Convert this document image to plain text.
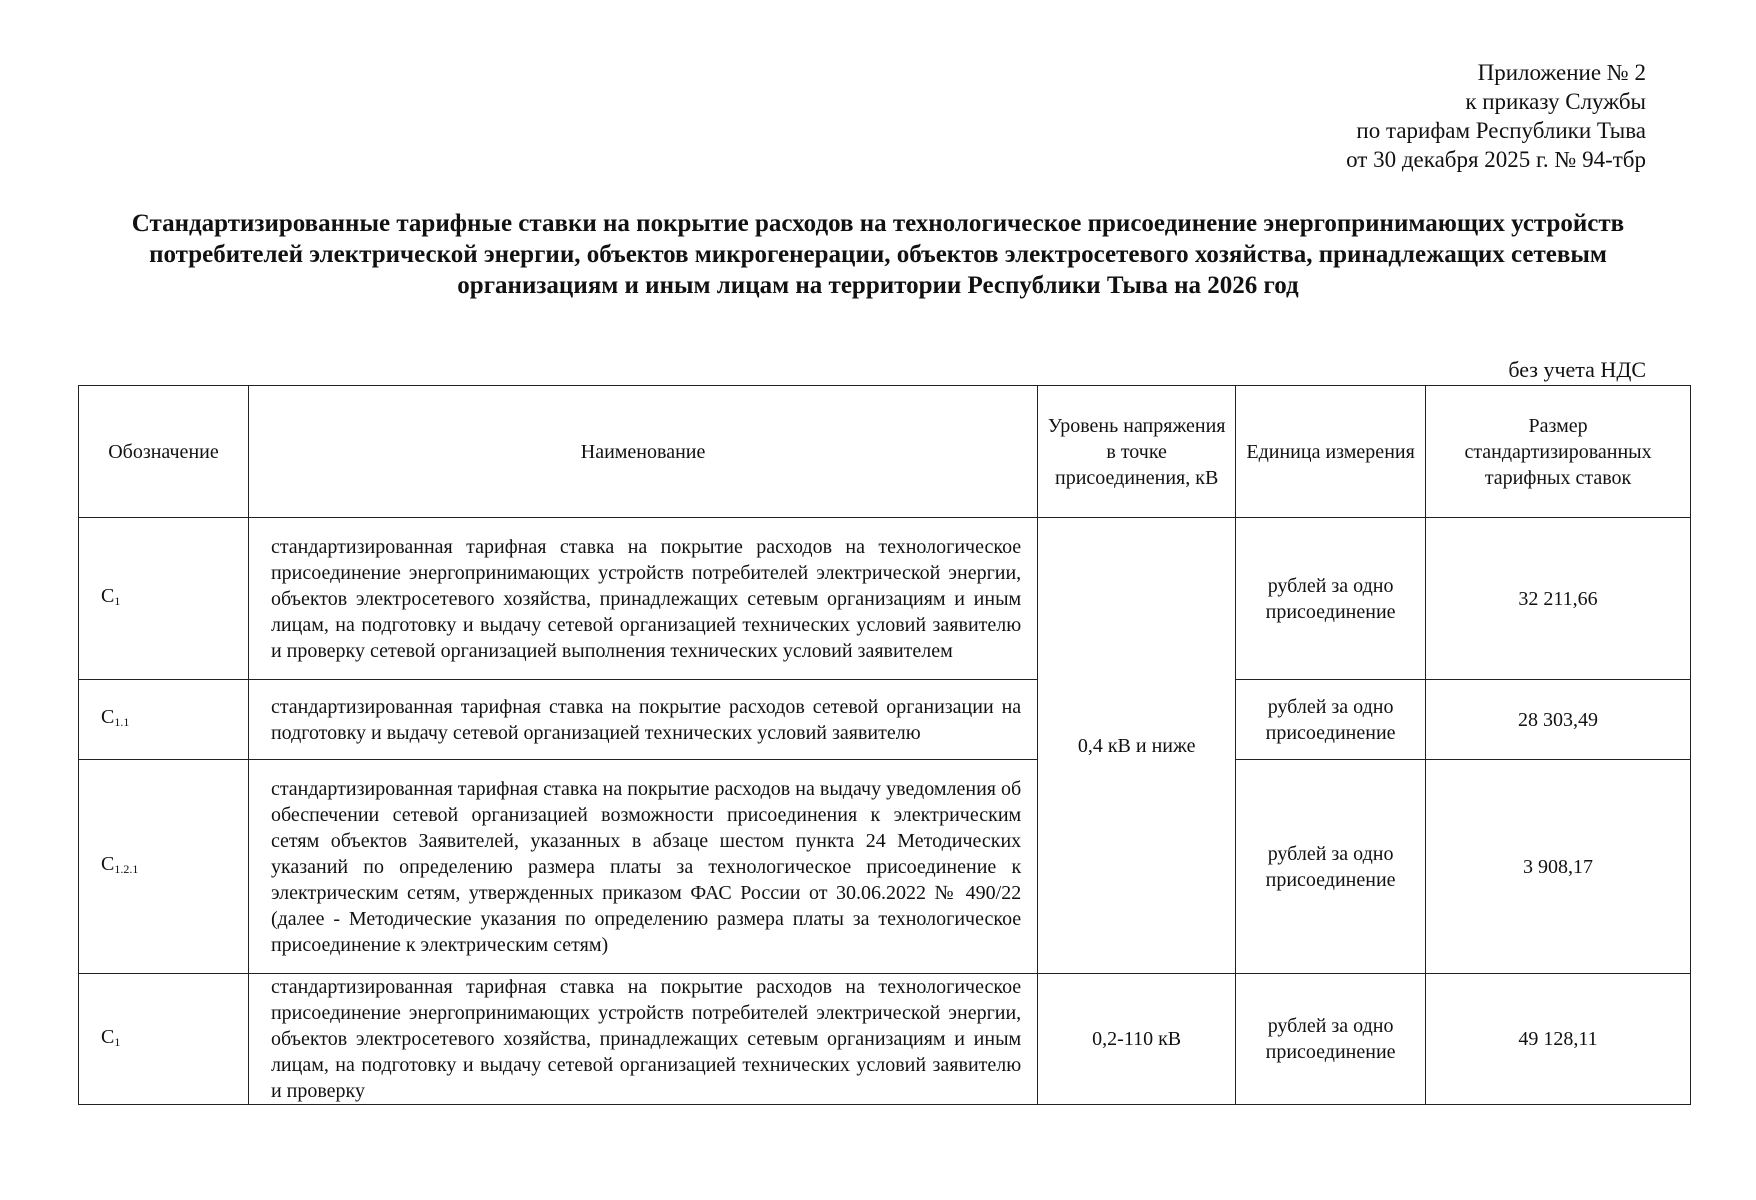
Приложение № 2
к приказу Службы
по тарифам Республики Тыва
от 30 декабря 2025 г. № 94-тбр
Стандартизированные тарифные ставки на покрытие расходов на технологическое присоединение энергопринимающих устройств потребителей электрической энергии, объектов микрогенерации, объектов электросетевого хозяйства, принадлежащих сетевым организациям и иным лицам на территории Республики Тыва на 2026 год
без учета НДС
Обозначение	Наименование	Уровень напряжения в точке присоединения, кВ	Единица измерения	Размер стандартизированных тарифных ставок
$C_1$	стандартизированная тарифная ставка на покрытие расходов на технологическое присоединение энергопринимающих устройств потребителей электрической энергии, объектов электросетевого хозяйства, принадлежащих сетевым организациям и иным лицам, на подготовку и выдачу сетевой организацией технических условий заявителю и проверку сетевой организацией выполнения технических условий заявителем	0,4 кВ и ниже	рублей за одно присоединение	32 211,66
$C_{1.1}$	стандартизированная тарифная ставка на покрытие расходов сетевой организации на подготовку и выдачу сетевой организацией технических условий заявителю		рублей за одно присоединение	28 303,49
$C_{1.2.1}$	стандартизированная тарифная ставка на покрытие расходов на выдачу уведомления об обеспечении сетевой организацией возможности присоединения к электрическим сетям объектов Заявителей, указанных в абзаце шестом пункта 24 Методических указаний по определению размера платы за технологическое присоединение к электрическим сетям, утвержденных приказом ФАС России от 30.06.2022 № 490/22 (далее - Методические указания по определению размера платы за технологическое присоединение к электрическим сетям)		рублей за одно присоединение	3 908,17
$C_1$	стандартизированная тарифная ставка на покрытие расходов на технологическое присоединение энергопринимающих устройств потребителей электрической энергии, объектов электросетевого хозяйства, принадлежащих сетевым организациям и иным лицам, на подготовку и выдачу сетевой организацией технических условий заявителю и проверку	0,2-110 кВ	рублей за одно присоединение	49 128,11
